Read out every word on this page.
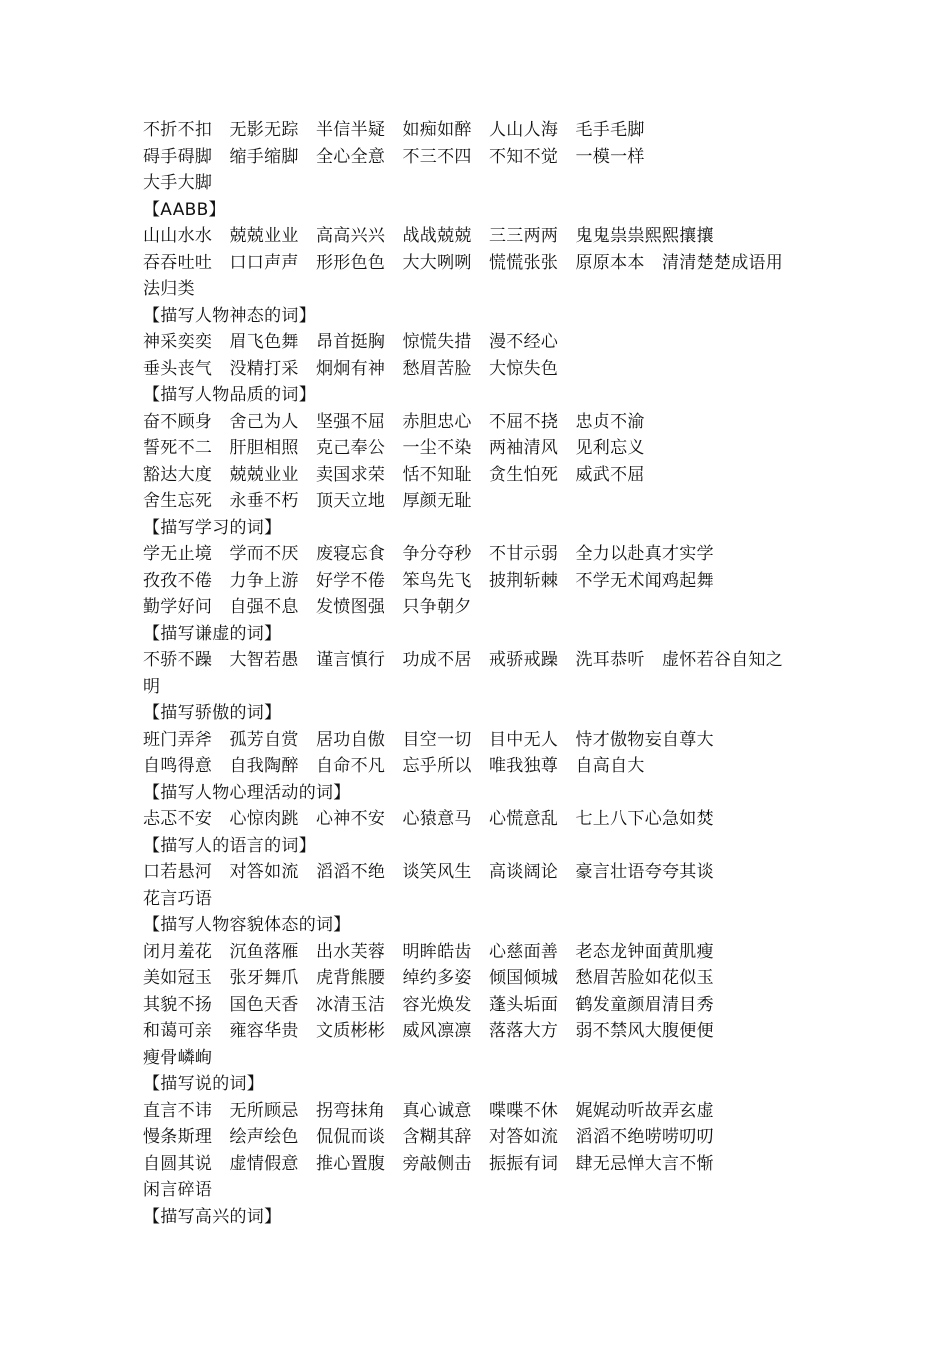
不折不扣　无影无踪　半信半疑　如痴如醉　人山人海　毛手毛脚
碍手碍脚　缩手缩脚　全心全意　不三不四　不知不觉　一模一样
大手大脚
【AABB】
山山水水　兢兢业业　高高兴兴　战战兢兢　三三两两　鬼鬼祟祟熙熙攘攘
吞吞吐吐　口口声声　形形色色　大大咧咧　慌慌张张　原原本本　清清楚楚成语用
法归类
【描写人物神态的词】
神采奕奕　眉飞色舞　昂首挺胸　惊慌失措　漫不经心
垂头丧气　没精打采　炯炯有神　愁眉苦脸　大惊失色
【描写人物品质的词】
奋不顾身　舍己为人　坚强不屈　赤胆忠心　不屈不挠　忠贞不渝
誓死不二　肝胆相照　克己奉公　一尘不染　两袖清风　见利忘义
豁达大度　兢兢业业　卖国求荣　恬不知耻　贪生怕死　威武不屈
舍生忘死　永垂不朽　顶天立地　厚颜无耻
【描写学习的词】
学无止境　学而不厌　废寝忘食　争分夺秒　不甘示弱　全力以赴真才实学
孜孜不倦　力争上游　好学不倦　笨鸟先飞　披荆斩棘　不学无术闻鸡起舞
勤学好问　自强不息　发愤图强　只争朝夕
【描写谦虚的词】
不骄不躁　大智若愚　谨言慎行　功成不居　戒骄戒躁　洗耳恭听　虚怀若谷自知之
明
【描写骄傲的词】
班门弄斧　孤芳自赏　居功自傲　目空一切　目中无人　恃才傲物妄自尊大
自鸣得意　自我陶醉　自命不凡　忘乎所以　唯我独尊　自高自大
【描写人物心理活动的词】
忐忑不安　心惊肉跳　心神不安　心猿意马　心慌意乱　七上八下心急如焚
【描写人的语言的词】
口若悬河　对答如流　滔滔不绝　谈笑风生　高谈阔论　豪言壮语夸夸其谈
花言巧语
【描写人物容貌体态的词】
闭月羞花　沉鱼落雁　出水芙蓉　明眸皓齿　心慈面善　老态龙钟面黄肌瘦
美如冠玉　张牙舞爪　虎背熊腰　绰约多姿　倾国倾城　愁眉苦脸如花似玉
其貌不扬　国色天香　冰清玉洁　容光焕发　蓬头垢面　鹤发童颜眉清目秀
和蔼可亲　雍容华贵　文质彬彬　威风凛凛　落落大方　弱不禁风大腹便便
瘦骨嶙峋
【描写说的词】
直言不讳　无所顾忌　拐弯抹角　真心诚意　喋喋不休　娓娓动听故弄玄虚
慢条斯理　绘声绘色　侃侃而谈　含糊其辞　对答如流　滔滔不绝唠唠叨叨
自圆其说　虚情假意　推心置腹　旁敲侧击　振振有词　肆无忌惮大言不惭
闲言碎语
【描写高兴的词】
